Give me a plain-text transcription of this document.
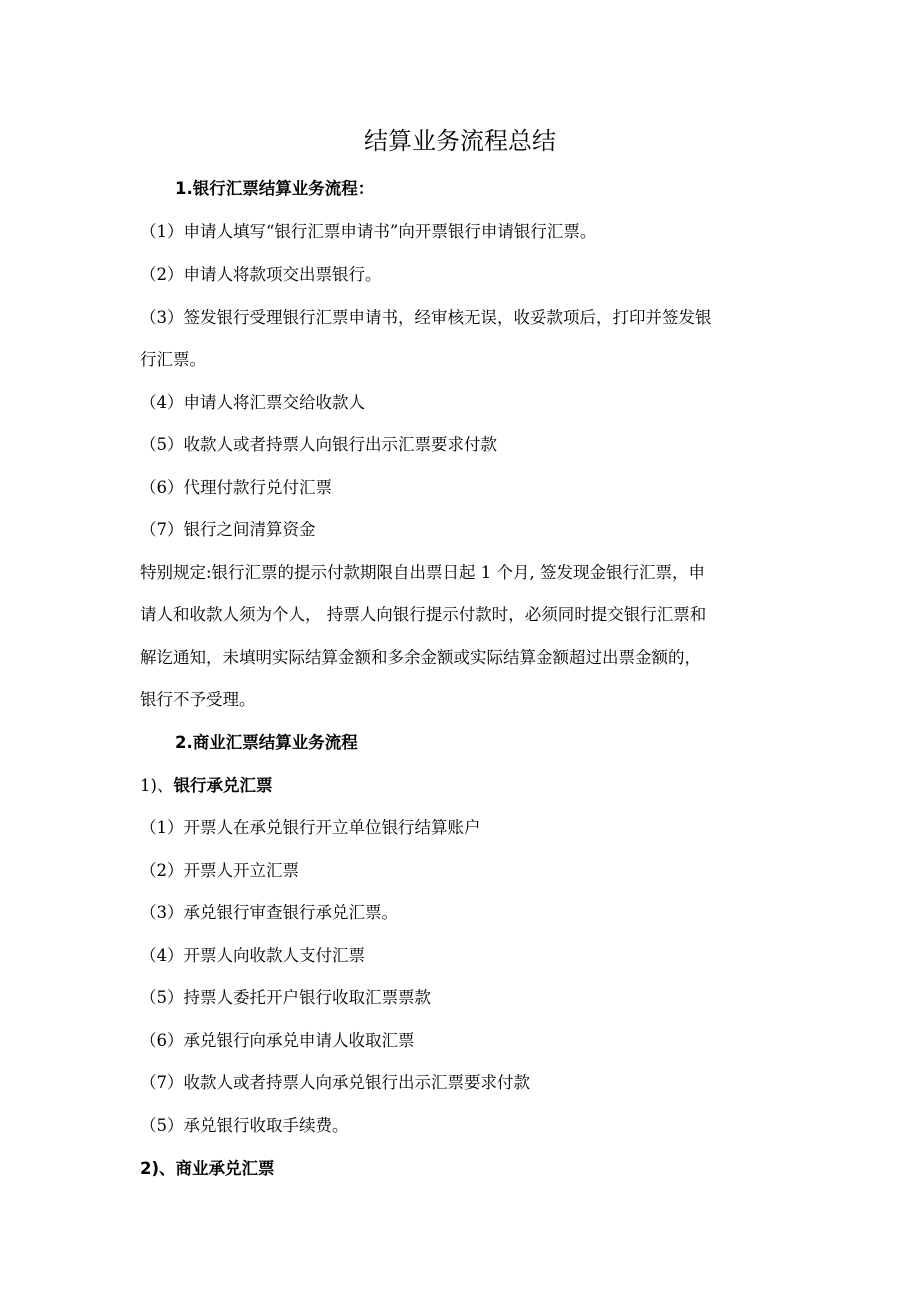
结算业务流程总结

1.银行汇票结算业务流程：

（1）申请人填写“银行汇票申请书”向开票银行申请银行汇票。

（2）申请人将款项交出票银行。

（3）签发银行受理银行汇票申请书，经审核无误，收妥款项后，打印并签发银

行汇票。

（4）申请人将汇票交给收款人

（5）收款人或者持票人向银行出示汇票要求付款

（6）代理付款行兑付汇票

（7）银行之间清算资金

特别规定:银行汇票的提示付款期限自出票日起 1 个月, 签发现金银行汇票，申

请人和收款人须为个人， 持票人向银行提示付款时，必须同时提交银行汇票和

解讫通知，未填明实际结算金额和多余金额或实际结算金额超过出票金额的，

银行不予受理。

2.商业汇票结算业务流程

1)、银行承兑汇票

（1）开票人在承兑银行开立单位银行结算账户

（2）开票人开立汇票

（3）承兑银行审查银行承兑汇票。

（4）开票人向收款人支付汇票

（5）持票人委托开户银行收取汇票票款

（6）承兑银行向承兑申请人收取汇票

（7）收款人或者持票人向承兑银行出示汇票要求付款

（5）承兑银行收取手续费。

2)、商业承兑汇票
